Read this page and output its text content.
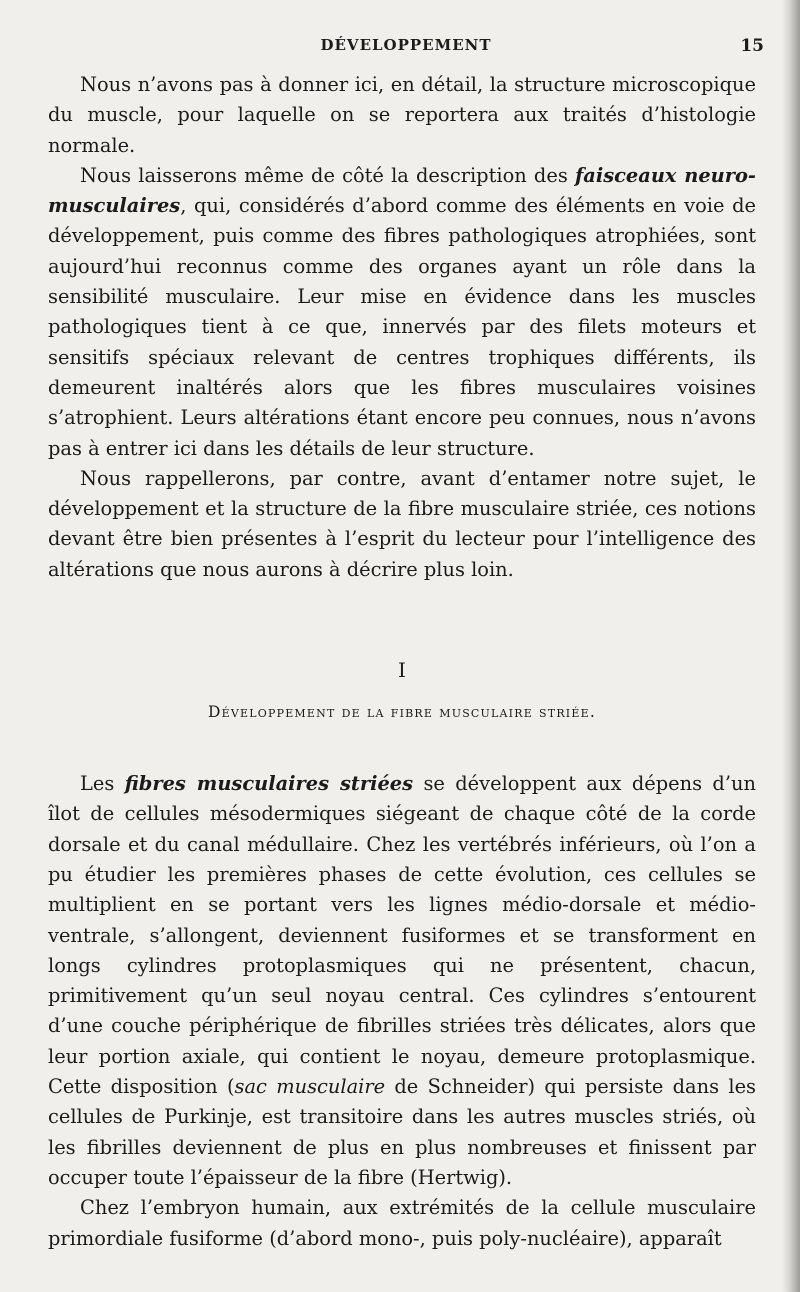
DÉVELOPPEMENT	15

Nous n’avons pas à donner ici, en détail, la structure microscopique du muscle, pour laquelle on se reportera aux traités d’histologie normale.

Nous laisserons même de côté la description des faisceaux neuro-musculaires, qui, considérés d’abord comme des éléments en voie de développement, puis comme des fibres pathologiques atrophiées, sont aujourd’hui reconnus comme des organes ayant un rôle dans la sensibilité musculaire. Leur mise en évidence dans les muscles pathologiques tient à ce que, innervés par des filets moteurs et sensitifs spéciaux relevant de centres trophiques différents, ils demeurent inaltérés alors que les fibres musculaires voisines s’atrophient. Leurs altérations étant encore peu connues, nous n’avons pas à entrer ici dans les détails de leur structure.

Nous rappellerons, par contre, avant d’entamer notre sujet, le développement et la structure de la fibre musculaire striée, ces notions devant être bien présentes à l’esprit du lecteur pour l’intelligence des altérations que nous aurons à décrire plus loin.

I
Développement de la fibre musculaire striée.

Les fibres musculaires striées se développent aux dépens d’un îlot de cellules mésodermiques siégeant de chaque côté de la corde dorsale et du canal médullaire. Chez les vertébrés inférieurs, où l’on a pu étudier les premières phases de cette évolution, ces cellules se multiplient en se portant vers les lignes médio-dorsale et médio-ventrale, s’allongent, deviennent fusiformes et se transforment en longs cylindres protoplasmiques qui ne présentent, chacun, primitivement qu’un seul noyau central. Ces cylindres s’entourent d’une couche périphérique de fibrilles striées très délicates, alors que leur portion axiale, qui contient le noyau, demeure protoplasmique. Cette disposition (sac musculaire de Schneider) qui persiste dans les cellules de Purkinje, est transitoire dans les autres muscles striés, où les fibrilles deviennent de plus en plus nombreuses et finissent par occuper toute l’épaisseur de la fibre (Hertwig).

Chez l’embryon humain, aux extrémités de la cellule musculaire primordiale fusiforme (d’abord mono-, puis poly-nucléaire), apparaît
